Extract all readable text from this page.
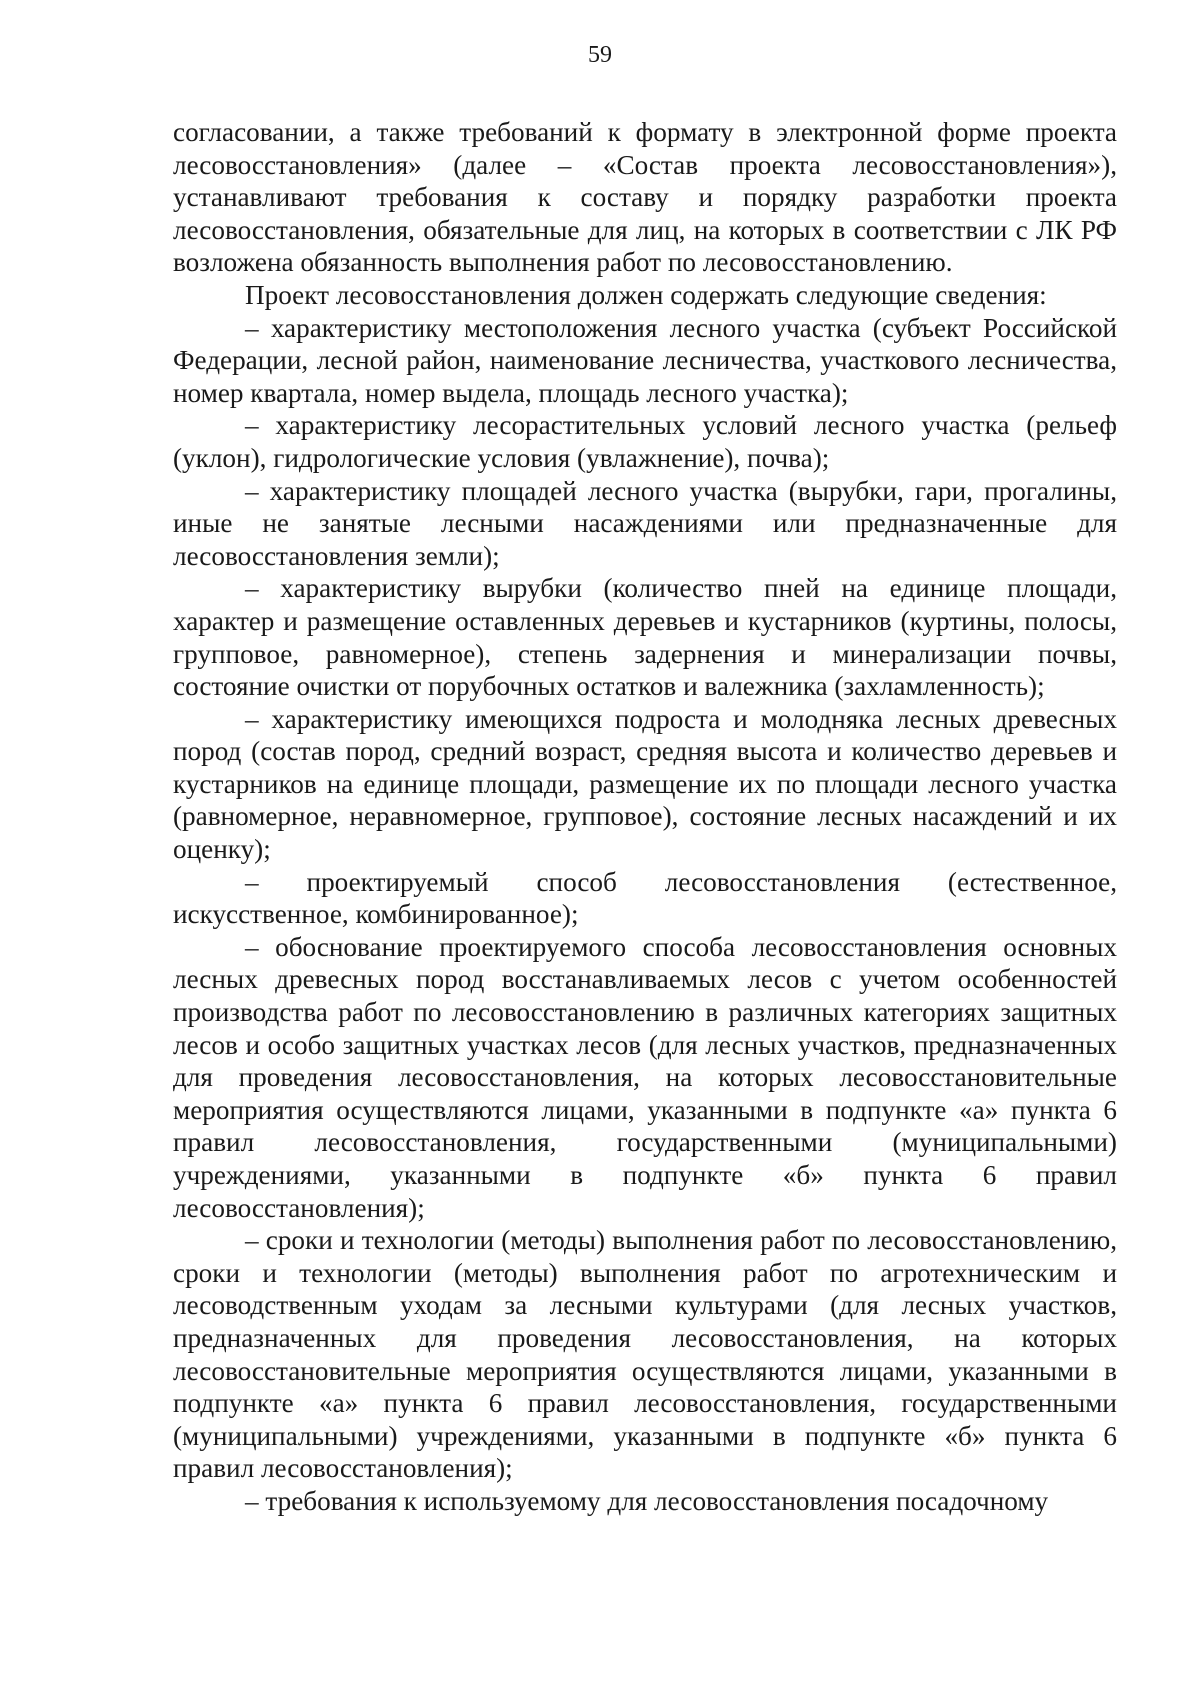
59

согласовании, а также требований к формату в электронной форме проекта лесовосстановления» (далее – «Состав проекта лесовосстановления»), устанавливают требования к составу и порядку разработки проекта лесовосстановления, обязательные для лиц, на которых в соответствии с ЛК РФ возложена обязанность выполнения работ по лесовосстановлению.

Проект лесовосстановления должен содержать следующие сведения:

– характеристику местоположения лесного участка (субъект Российской Федерации, лесной район, наименование лесничества, участкового лесничества, номер квартала, номер выдела, площадь лесного участка);

– характеристику лесорастительных условий лесного участка (рельеф (уклон), гидрологические условия (увлажнение), почва);

– характеристику площадей лесного участка (вырубки, гари, прогалины, иные не занятые лесными насаждениями или предназначенные для лесовосстановления земли);

– характеристику вырубки (количество пней на единице площади, характер и размещение оставленных деревьев и кустарников (куртины, полосы, групповое, равномерное), степень задернения и минерализации почвы, состояние очистки от порубочных остатков и валежника (захламленность);

– характеристику имеющихся подроста и молодняка лесных древесных пород (состав пород, средний возраст, средняя высота и количество деревьев и кустарников на единице площади, размещение их по площади лесного участка (равномерное, неравномерное, групповое), состояние лесных насаждений и их оценку);

– проектируемый способ лесовосстановления (естественное, искусственное, комбинированное);

– обоснование проектируемого способа лесовосстановления основных лесных древесных пород восстанавливаемых лесов с учетом особенностей производства работ по лесовосстановлению в различных категориях защитных лесов и особо защитных участках лесов (для лесных участков, предназначенных для проведения лесовосстановления, на которых лесовосстановительные мероприятия осуществляются лицами, указанными в подпункте «а» пункта 6 правил лесовосстановления, государственными (муниципальными) учреждениями, указанными в подпункте «б» пункта 6 правил лесовосстановления);

– сроки и технологии (методы) выполнения работ по лесовосстановлению, сроки и технологии (методы) выполнения работ по агротехническим и лесоводственным уходам за лесными культурами (для лесных участков, предназначенных для проведения лесовосстановления, на которых лесовосстановительные мероприятия осуществляются лицами, указанными в подпункте «а» пункта 6 правил лесовосстановления, государственными (муниципальными) учреждениями, указанными в подпункте «б» пункта 6 правил лесовосстановления);

– требования к используемому для лесовосстановления посадочному
